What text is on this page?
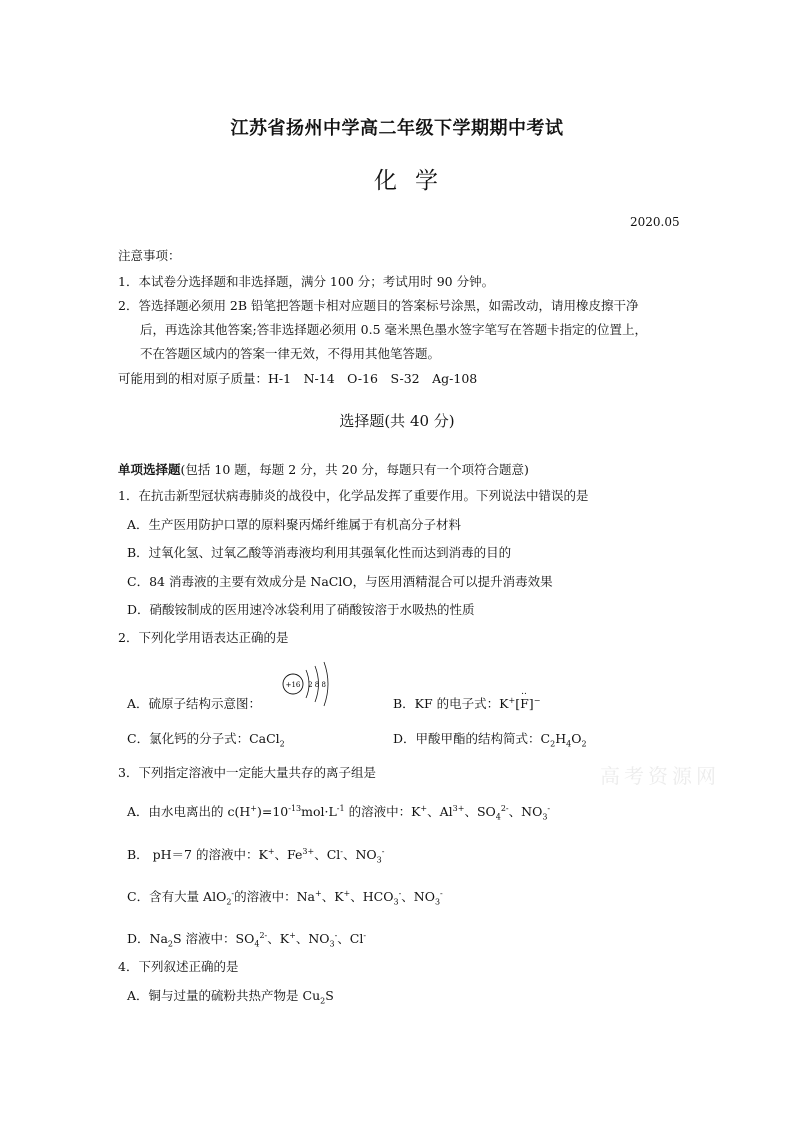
江苏省扬州中学高二年级下学期期中考试
化学
2020.05
注意事项：
1．本试卷分选择题和非选择题，满分 100 分；考试用时 90 分钟。
2．答选择题必须用 2B 铅笔把答题卡相对应题目的答案标号涂黑，如需改动，请用橡皮擦干净
后，再选涂其他答案;答非选择题必须用 0.5 毫米黑色墨水签字笔写在答题卡指定的位置上，
不在答题区域内的答案一律无效，不得用其他笔答题。
可能用到的相对原子质量：H-1　N-14　O-16　S-32　Ag-108
选择题(共 40 分)
单项选择题(包括 10 题，每题 2 分，共 20 分，每题只有一个项符合题意)
1．在抗击新型冠状病毒肺炎的战役中，化学品发挥了重要作用。下列说法中错误的是
A．生产医用防护口罩的原料聚丙烯纤维属于有机高分子材料
B．过氧化氢、过氧乙酸等消毒液均利用其强氧化性而达到消毒的目的
C．84 消毒液的主要有效成分是 NaClO，与医用酒精混合可以提升消毒效果
D．硝酸铵制成的医用速冷冰袋利用了硝酸铵溶于水吸热的性质
2．下列化学用语表达正确的是
+16 2 8 8
A．硫原子结构示意图：	B．KF 的电子式：K+[
..
F]−
C．氯化钙的分子式：CaCl$_2$	D．甲酸甲酯的结构简式：$C_2H_4O_2$
3．下列指定溶液中一定能大量共存的离子组是
A．由水电离出的 $c(H^+)=10^{-13}mol\cdot L^{-1}$ 的溶液中：K+、$Al^{3+}$、$SO_4^{2-}$、$NO_3^-$
B． pH＝7 的溶液中：K+、$Fe^{3+}$、Cl-、$NO_3^-$
C．含有大量 AlO$_2$-的溶液中：Na+、K+、$HCO_3^-$、$NO_3^-$
D．$Na_2S$ 溶液中：$SO_4^{2-}$、K+、$NO_3^-$、Cl-
4．下列叙述正确的是
A．铜与过量的硫粉共热产物是 $Cu_2S$
高考资源网
